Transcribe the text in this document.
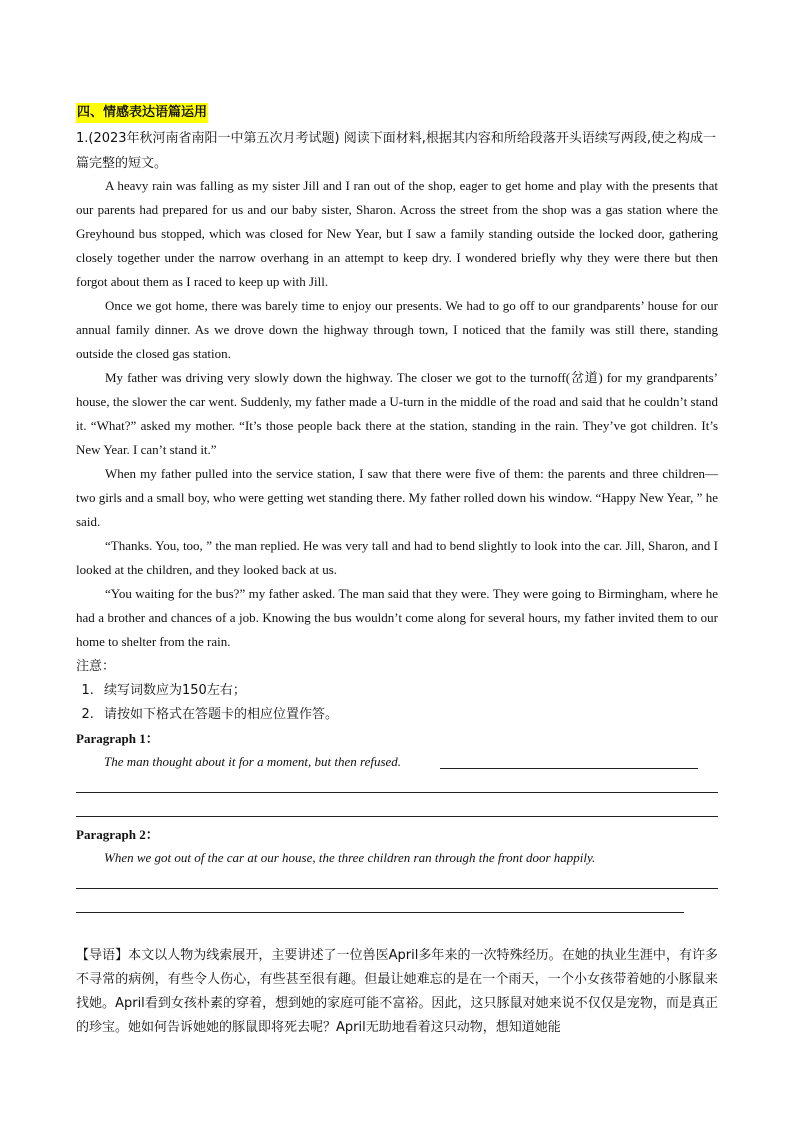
四、情感表达语篇运用
1.(2023年秋河南省南阳一中第五次月考试题) 阅读下面材料,根据其内容和所给段落开头语续写两段,使之构成一篇完整的短文。

A heavy rain was falling as my sister Jill and I ran out of the shop, eager to get home and play with the presents that our parents had prepared for us and our baby sister, Sharon. Across the street from the shop was a gas station where the Greyhound bus stopped, which was closed for New Year, but I saw a family standing outside the locked door, gathering closely together under the narrow overhang in an attempt to keep dry. I wondered briefly why they were there but then forgot about them as I raced to keep up with Jill.

Once we got home, there was barely time to enjoy our presents. We had to go off to our grandparents’ house for our annual family dinner. As we drove down the highway through town, I noticed that the family was still there, standing outside the closed gas station.

My father was driving very slowly down the highway. The closer we got to the turnoff(岔道) for my grandparents’ house, the slower the car went. Suddenly, my father made a U-turn in the middle of the road and said that he couldn’t stand it. “What?” asked my mother. “It’s those people back there at the station, standing in the rain. They’ve got children. It’s New Year. I can’t stand it.”

When my father pulled into the service station, I saw that there were five of them: the parents and three children— two girls and a small boy, who were getting wet standing there. My father rolled down his window. “Happy New Year, ” he said.

“Thanks. You, too, ” the man replied. He was very tall and had to bend slightly to look into the car. Jill, Sharon, and I looked at the children, and they looked back at us.

“You waiting for the bus?” my father asked. The man said that they were. They were going to Birmingham, where he had a brother and chances of a job. Knowing the bus wouldn’t come along for several hours, my father invited them to our home to shelter from the rain.

注意：
1. 续写词数应为150左右；
2. 请按如下格式在答题卡的相应位置作答。
Paragraph 1：
The man thought about it for a moment, but then refused.
Paragraph 2：
When we got out of the car at our house, the three children ran through the front door happily.
【导语】本文以人物为线索展开，主要讲述了一位兽医April多年来的一次特殊经历。在她的执业生涯中，有许多不寻常的病例，有些令人伤心，有些甚至很有趣。但最让她难忘的是在一个雨天，一个小女孩带着她的小豚鼠来找她。April看到女孩朴素的穿着，想到她的家庭可能不富裕。因此，这只豚鼠对她来说不仅仅是宠物，而是真正的珍宝。她如何告诉她她的豚鼠即将死去呢？April无助地看着这只动物，想知道她能
